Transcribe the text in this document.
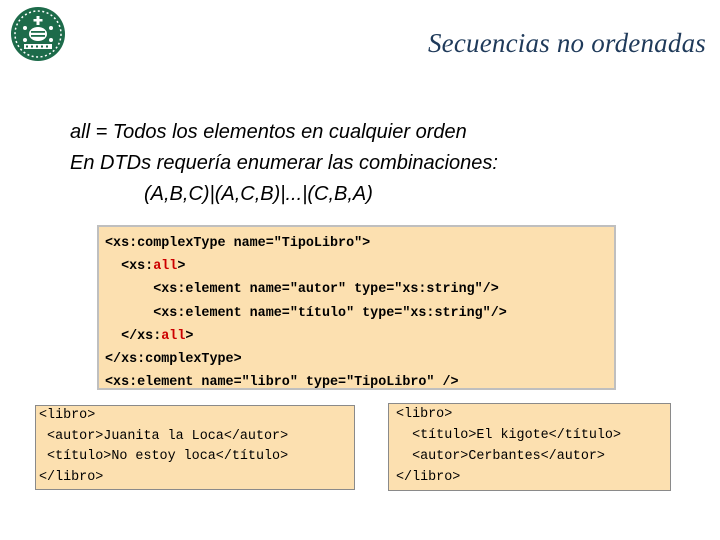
Secuencias no ordenadas
all = Todos los elementos en cualquier orden
En DTDs requería enumerar las combinaciones:
(A,B,C)|(A,C,B)|...|(C,B,A)
<xs:complexType name="TipoLibro">
<xs:all>
<xs:element name="autor" type="xs:string"/>
<xs:element name="título" type="xs:string"/>
</xs:all>
</xs:complexType>
<xs:element name="libro" type="TipoLibro" />
<libro>
<autor>Juanita la Loca</autor>
<título>No estoy loca</título>
</libro>
<libro>
<título>El kigote</título>
<autor>Cerbantes</autor>
</libro>
